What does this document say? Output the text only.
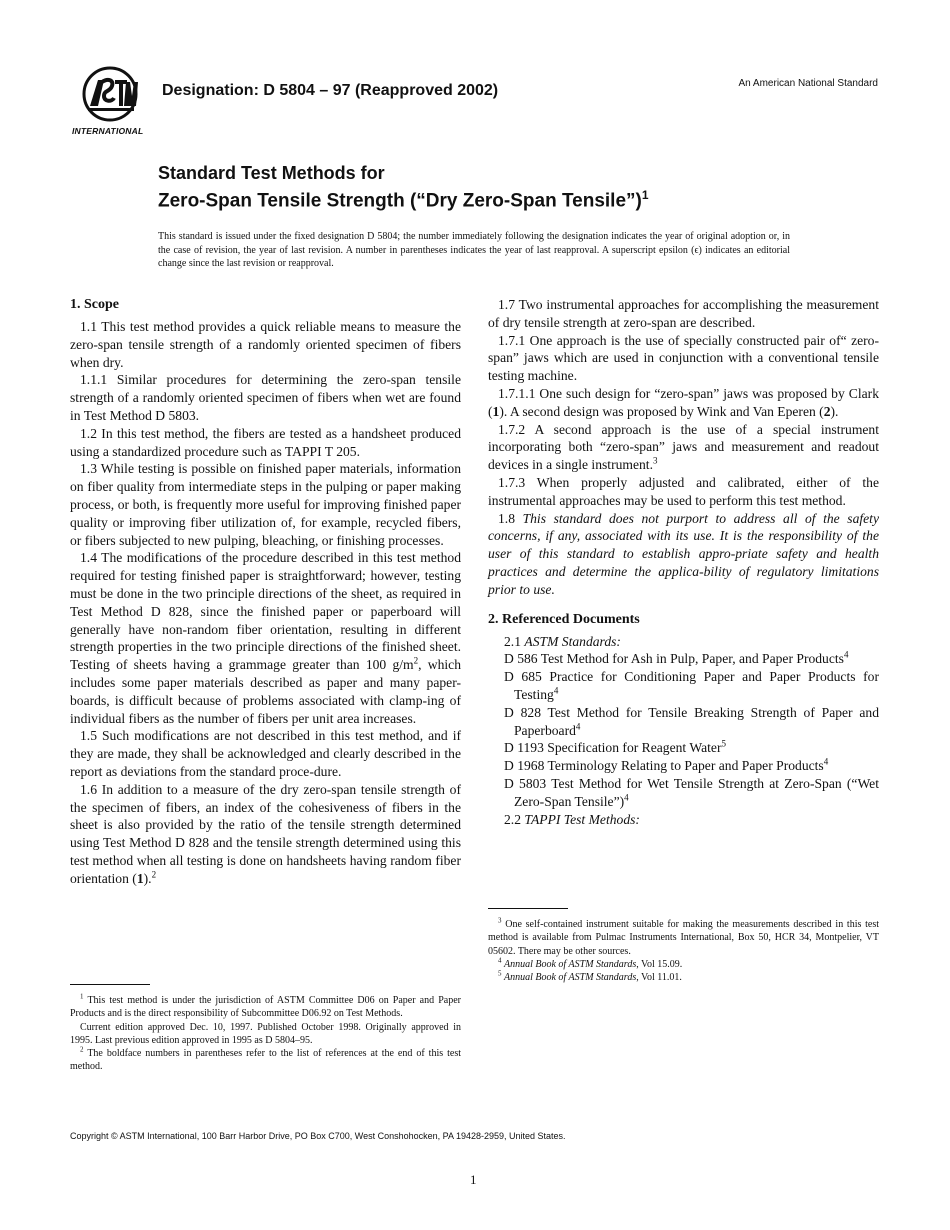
INTERNATIONAL
Designation: D 5804 – 97 (Reapproved 2002)	An American National Standard
Standard Test Methods for
Zero-Span Tensile Strength (“Dry Zero-Span Tensile”)$^1$
This standard is issued under the fixed designation D 5804; the number immediately following the designation indicates the year of original adoption or, in the case of revision, the year of last revision. A number in parentheses indicates the year of last reapproval. A superscript epsilon (ϵ) indicates an editorial change since the last revision or reapproval.
1. Scope

1.1 This test method provides a quick reliable means to measure the zero-span tensile strength of a randomly oriented specimen of fibers when dry.

1.1.1 Similar procedures for determining the zero-span tensile strength of a randomly oriented specimen of fibers when wet are found in Test Method D 5803.

1.2 In this test method, the fibers are tested as a handsheet produced using a standardized procedure such as TAPPI T 205.

1.3 While testing is possible on finished paper materials, information on fiber quality from intermediate steps in the pulping or paper making process, or both, is frequently more useful for improving finished paper quality or improving fiber utilization of, for example, recycled fibers, or fibers subjected to new pulping, bleaching, or finishing processes.

1.4 The modifications of the procedure described in this test method required for testing finished paper is straightforward; however, testing must be done in the two principle directions of the sheet, as required in Test Method D 828, since the finished paper or paperboard will generally have non-random fiber orientation, resulting in different strength properties in the two principle directions of the finished sheet. Testing of sheets having a grammage greater than 100 $g/m^2$, which includes some paper materials described as paper and many paper-boards, is difficult because of problems associated with clamp-ing of individual fibers as the number of fibers per unit area increases.

1.5 Such modifications are not described in this test method, and if they are made, they shall be acknowledged and clearly described in the report as deviations from the standard proce-dure.

1.6 In addition to a measure of the dry zero-span tensile strength of the specimen of fibers, an index of the cohesiveness of fibers in the sheet is also provided by the ratio of the tensile strength determined using Test Method D 828 and the tensile strength determined using this test method when all testing is done on handsheets having random fiber orientation (1).$^2$

1.7 Two instrumental approaches for accomplishing the measurement of dry tensile strength at zero-span are described.

1.7.1 One approach is the use of specially constructed pair of“ zero-span” jaws which are used in conjunction with a conventional tensile testing machine.

1.7.1.1 One such design for “zero-span” jaws was proposed by Clark (1). A second design was proposed by Wink and Van Eperen (2).

1.7.2 A second approach is the use of a special instrument incorporating both “zero-span” jaws and measurement and readout devices in a single instrument.$^3$

1.7.3 When properly adjusted and calibrated, either of the instrumental approaches may be used to perform this test method.

1.8 This standard does not purport to address all of the safety concerns, if any, associated with its use. It is the responsibility of the user of this standard to establish appro-priate safety and health practices and determine the applica-bility of regulatory limitations prior to use.

2. Referenced Documents
2.1 ASTM Standards:
D 586 Test Method for Ash in Pulp, Paper, and Paper Products$^4$
D 685 Practice for Conditioning Paper and Paper Products for Testing$^4$
D 828 Test Method for Tensile Breaking Strength of Paper and Paperboard$^4$
D 1193 Specification for Reagent Water$^5$
D 1968 Terminology Relating to Paper and Paper Products$^4$
D 5803 Test Method for Wet Tensile Strength at Zero-Span (“Wet Zero-Span Tensile”)$^4$
2.2 TAPPI Test Methods:

$^1$ This test method is under the jurisdiction of ASTM Committee D06 on Paper and Paper Products and is the direct responsibility of Subcommittee D06.92 on Test Methods.

Current edition approved Dec. 10, 1997. Published October 1998. Originally approved in 1995. Last previous edition approved in 1995 as D 5804–95.

$^2$ The boldface numbers in parentheses refer to the list of references at the end of this test method.

$^3$ One self-contained instrument suitable for making the measurements described in this test method is available from Pulmac Instruments International, Box 50, HCR 34, Montpelier, VT 05602. There may be other sources.

$^4$ Annual Book of ASTM Standards, Vol 15.09.

$^5$ Annual Book of ASTM Standards, Vol 11.01.

Copyright © ASTM International, 100 Barr Harbor Drive, PO Box C700, West Conshohocken, PA 19428-2959, United States.
1
